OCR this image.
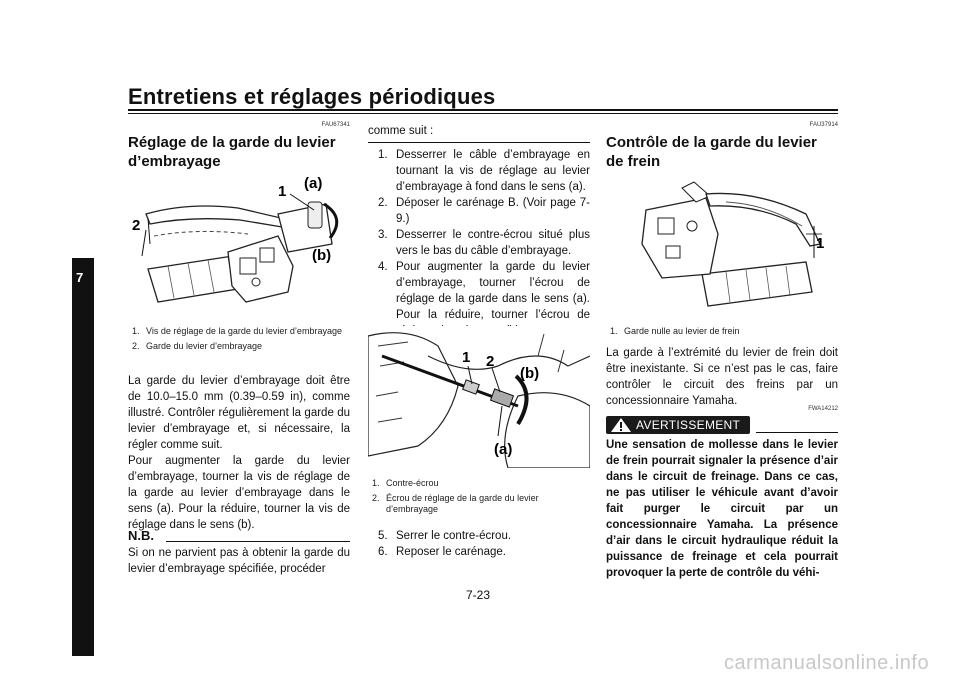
Entretiens et réglages périodiques
7
FAU67341
Réglage de la garde du levier d’embrayage
1
2
(a)
(b)
1. Vis de réglage de la garde du levier d’embrayage
2. Garde du levier d’embrayage
La garde du levier d’embrayage doit être de 10.0–15.0 mm (0.39–0.59 in), comme illustré. Contrôler régulièrement la garde du levier d’embrayage et, si nécessaire, la régler comme suit.
Pour augmenter la garde du levier d’embrayage, tourner la vis de réglage de la garde au levier d’embrayage dans le sens (a). Pour la réduire, tourner la vis de réglage dans le sens (b).
N.B.
Si on ne parvient pas à obtenir la garde du levier d’embrayage spécifiée, procéder
comme suit :
1. Desserrer le câble d’embrayage en tournant la vis de réglage au levier d’embrayage à fond dans le sens (a).
2. Déposer le carénage B. (Voir page 7-9.)
3. Desserrer le contre-écrou situé plus vers le bas du câble d’embrayage.
4. Pour augmenter la garde du levier d’embrayage, tourner l’écrou de réglage de la garde dans le sens (a). Pour la réduire, tourner l’écrou de
1 2
(b)
(a)
1. Contre-écrou
2. Écrou de réglage de la garde du levier d’embrayage
5. Serrer le contre-écrou.
6. Reposer le carénage.
FAU37914
Contrôle de la garde du levier de frein
1
1. Garde nulle au levier de frein
La garde à l’extrémité du levier de frein doit être inexistante. Si ce n’est pas le cas, faire contrôler le circuit des freins par un concessionnaire Yamaha.
FWA14212
AVERTISSEMENT
Une sensation de mollesse dans le levier de frein pourrait signaler la présence d’air dans le circuit de freinage. Dans ce cas, ne pas utiliser le véhicule avant d’avoir fait purger le circuit par un concessionnaire Yamaha. La présence d’air dans le circuit hydraulique réduit la puissance de freinage et cela pourrait provoquer la perte de contrôle du véhi-
7-23
carmanualsonline.info
